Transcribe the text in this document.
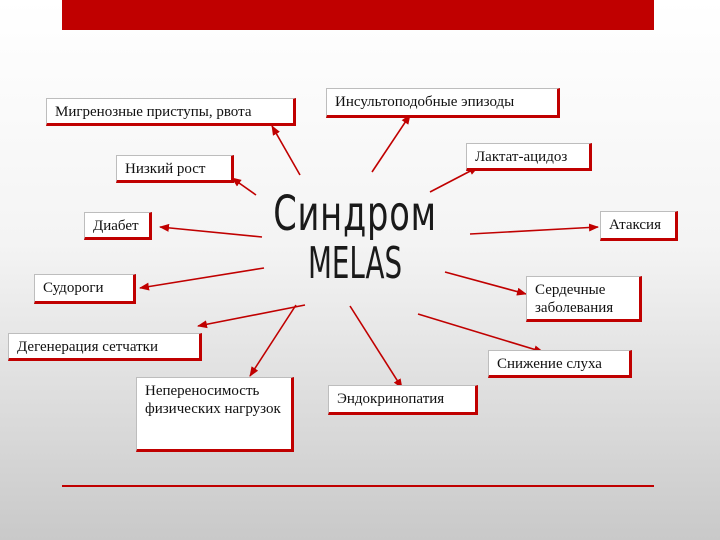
Синдром
MELAS
Мигренозные приступы, рвота
Инсультоподобные эпизоды
Низкий рост
Лактат-ацидоз
Диабет	Атаксия
Судороги	Сердечные заболевания
Дегенерация сетчатки
Снижение слуха
Непереносимость физических нагрузок
Эндокринопатия
